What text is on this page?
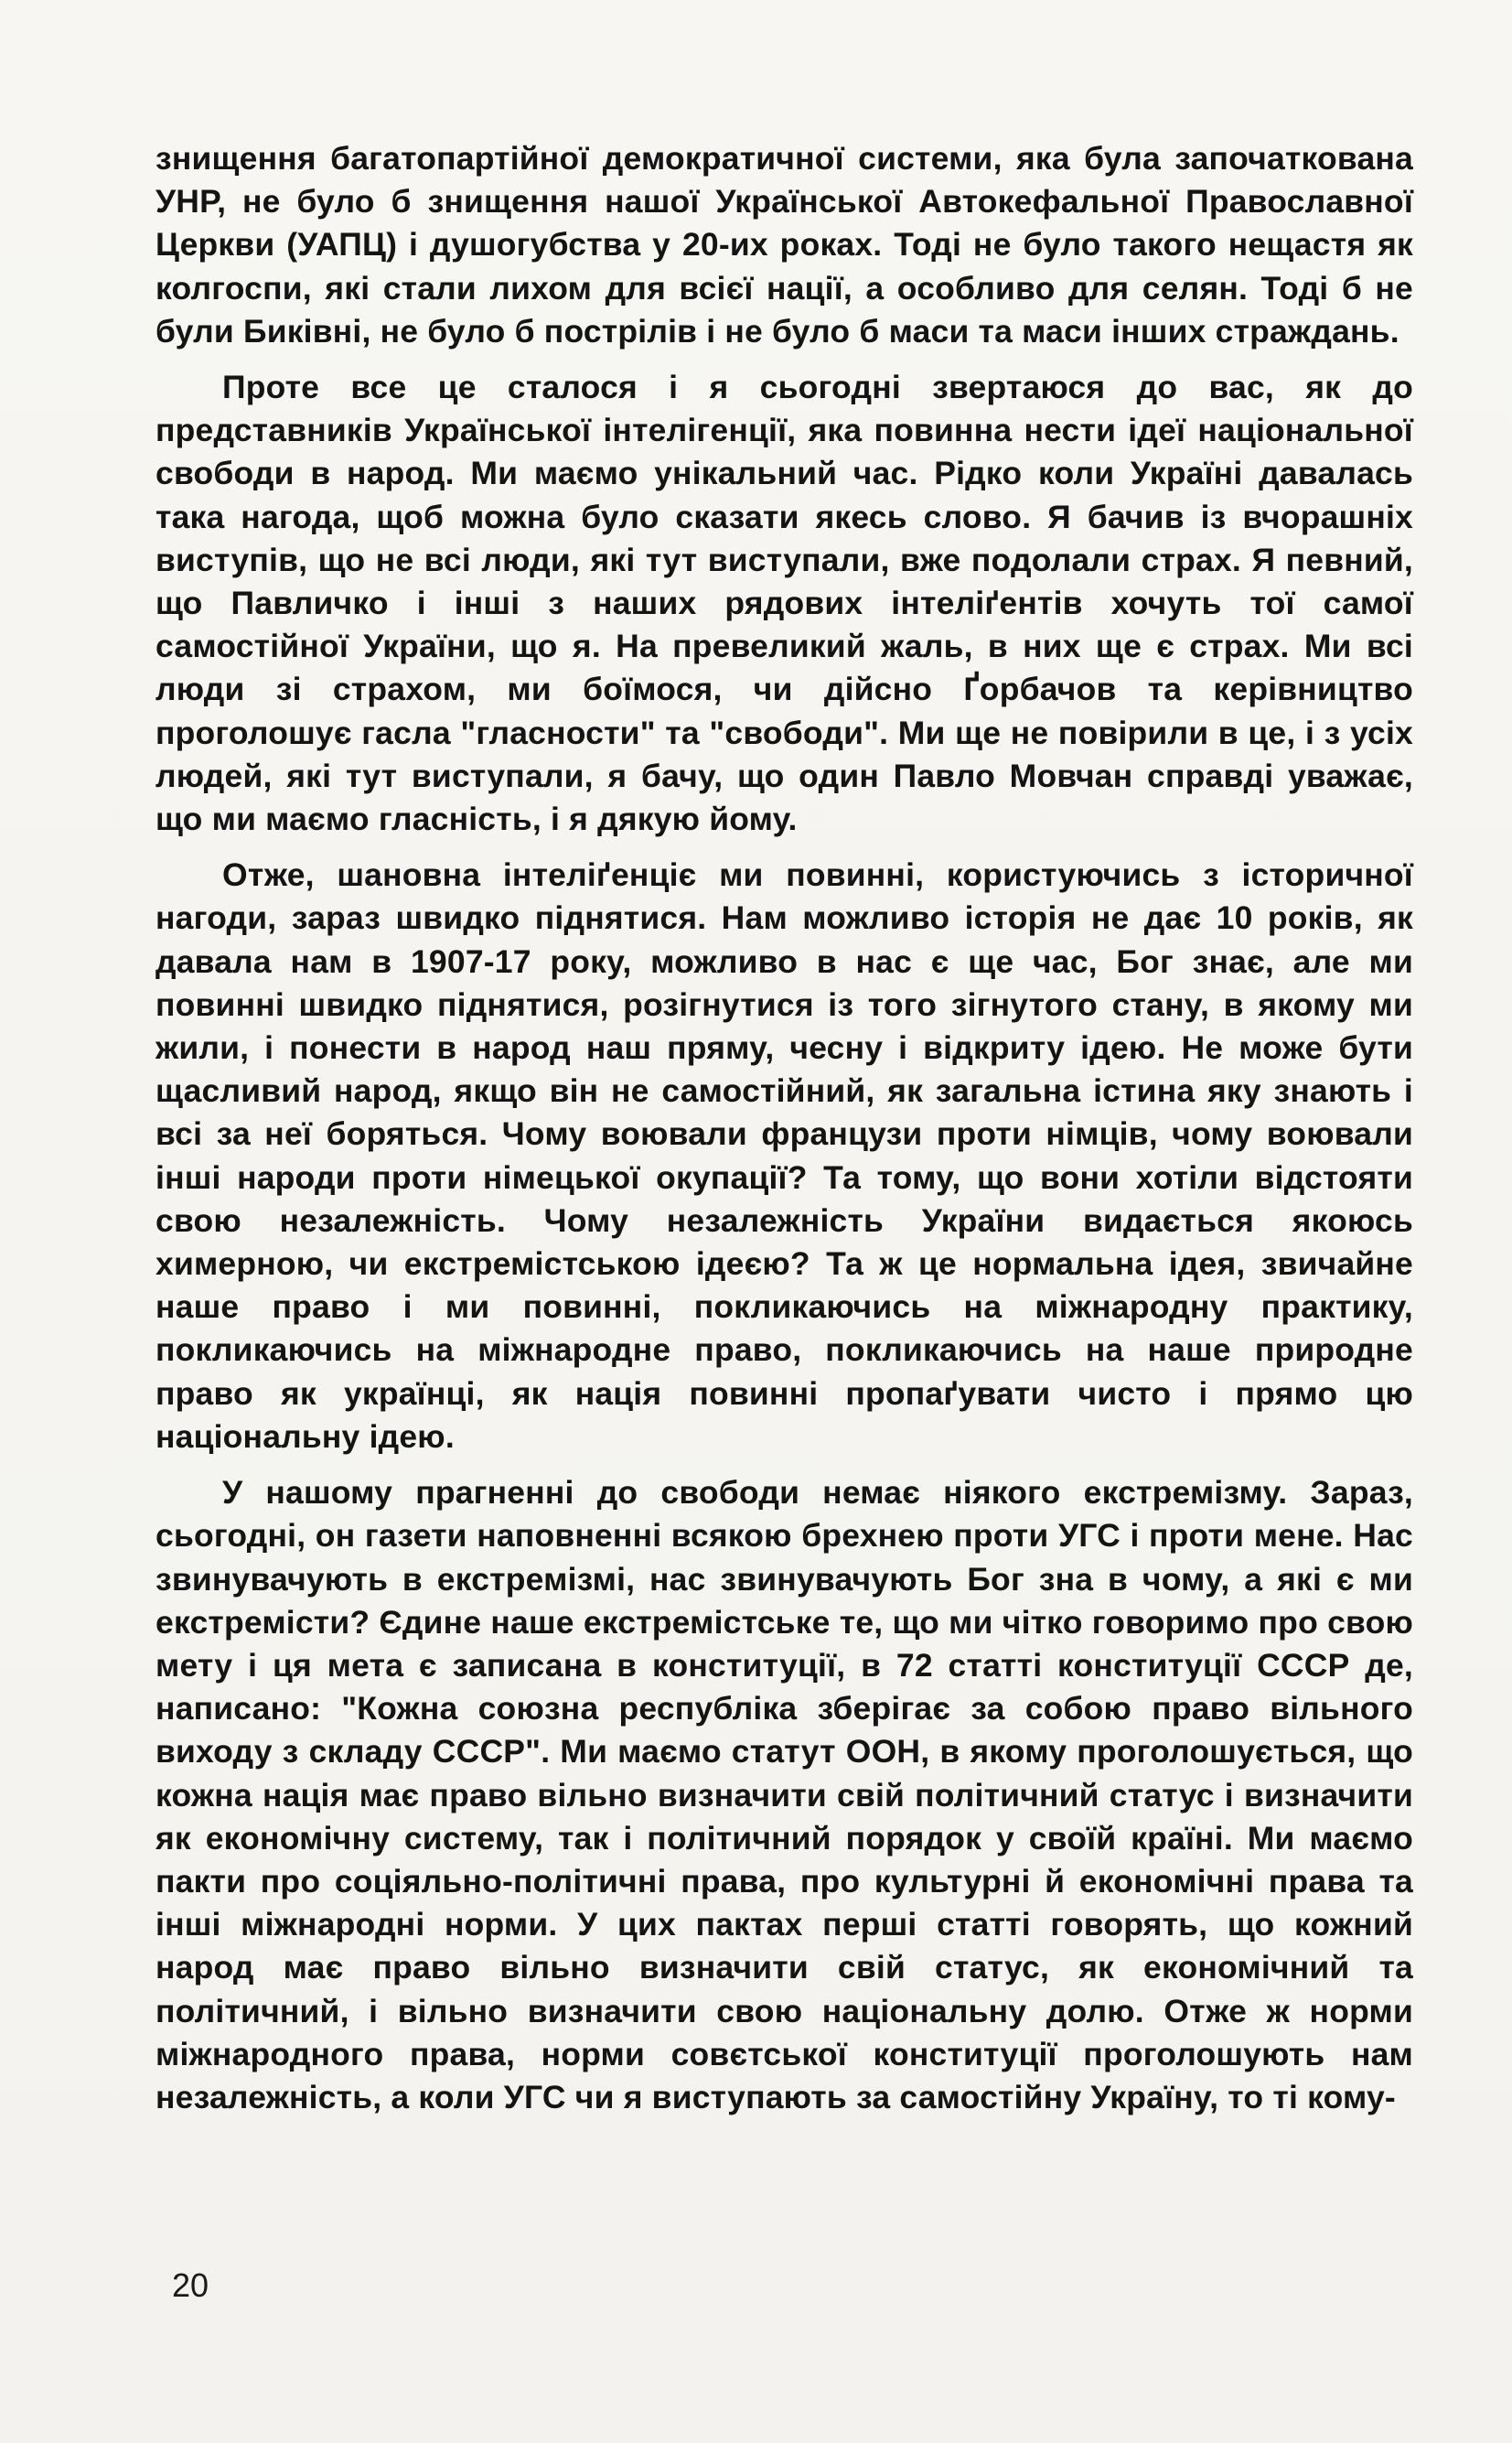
знищення багатопартійної демократичної системи, яка була започаткована УНР, не було б знищення нашої Української Автокефальної Православної Церкви (УАПЦ) і душогубства у 20-их роках. Тоді не було такого нещастя як колгоспи, які стали лихом для всієї нації, а особливо для селян. Тоді б не були Биківні, не було б пострілів і не було б маси та маси інших страждань.

Проте все це сталося і я сьогодні звертаюся до вас, як до представників Української інтелігенції, яка повинна нести ідеї національної свободи в народ. Ми маємо унікальний час. Рідко коли Україні давалась така нагода, щоб можна було сказати якесь слово. Я бачив із вчорашніх виступів, що не всі люди, які тут виступали, вже подолали страх. Я певний, що Павличко і інші з наших рядових інтеліґентів хочуть тої самої самостійної України, що я. На превеликий жаль, в них ще є страх. Ми всі люди зі страхом, ми боїмося, чи дійсно Ґорбачов та керівництво проголошує гасла "гласности" та "свободи". Ми ще не повірили в це, і з усіх людей, які тут виступали, я бачу, що один Павло Мовчан справді уважає, що ми маємо гласність, і я дякую йому.

Отже, шановна інтеліґенціє ми повинні, користуючись з історичної нагоди, зараз швидко піднятися. Нам можливо історія не дає 10 років, як давала нам в 1907-17 року, можливо в нас є ще час, Бог знає, але ми повинні швидко піднятися, розігнутися із того зігнутого стану, в якому ми жили, і понести в народ наш пряму, чесну і відкриту ідею. Не може бути щасливий народ, якщо він не самостійний, як загальна істина яку знають і всі за неї боряться. Чому воювали французи проти німців, чому воювали інші народи проти німецької окупації? Та тому, що вони хотіли відстояти свою незалежність. Чому незалежність України видається якоюсь химерною, чи екстремістською ідеєю? Та ж це нормальна ідея, звичайне наше право і ми повинні, покликаючись на міжнародну практику, покликаючись на міжнародне право, покликаючись на наше природне право як українці, як нація повинні пропаґувати чисто і прямо цю національну ідею.

У нашому прагненні до свободи немає ніякого екстремізму. Зараз, сьогодні, он газети наповненні всякою брехнею проти УГС і проти мене. Нас звинувачують в екстремізмі, нас звинувачують Бог зна в чому, а які є ми екстремісти? Єдине наше екстремістське те, що ми чітко говоримо про свою мету і ця мета є записана в конституції, в 72 статті конституції СССР де, написано: "Кожна союзна республіка зберігає за собою право вільного виходу з складу СССР". Ми маємо статут ООН, в якому проголошується, що кожна нація має право вільно визначити свій політичний статус і визначити як економічну систему, так і політичний порядок у своїй країні. Ми маємо пакти про соціяльно-політичні права, про культурні й економічні права та інші міжнародні норми. У цих пактах перші статті говорять, що кожний народ має право вільно визначити свій статус, як економічний та політичний, і вільно визначити свою національну долю. Отже ж норми міжнародного права, норми совєтської конституції проголошують нам незалежність, а коли УГС чи я виступають за самостійну Україну, то ті кому-

20
